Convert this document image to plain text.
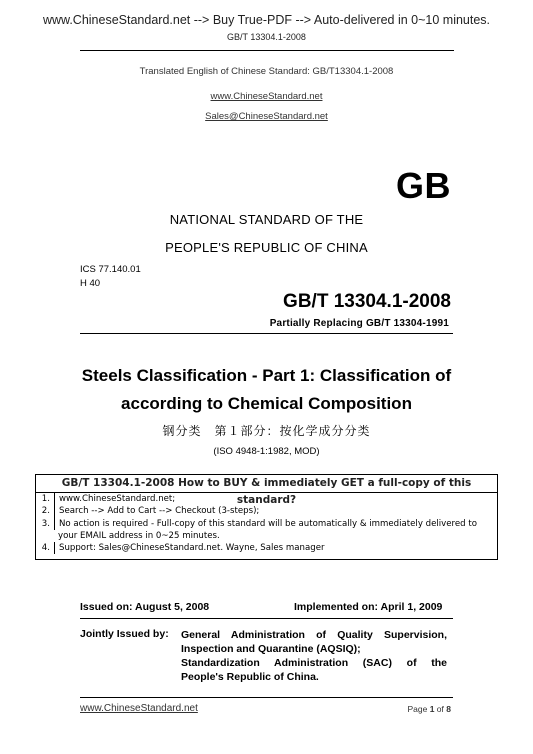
www.ChineseStandard.net --> Buy True-PDF --> Auto-delivered in 0~10 minutes.
GB/T 13304.1-2008
Translated English of Chinese Standard: GB/T13304.1-2008
www.ChineseStandard.net
Sales@ChineseStandard.net
GB
NATIONAL STANDARD OF THE
PEOPLE'S REPUBLIC OF CHINA
ICS 77.140.01
H 40
GB/T 13304.1-2008
Partially Replacing GB/T 13304-1991
Steels Classification - Part 1: Classification of
according to Chemical Composition
钢分类　第１部分：按化学成分分类
(ISO 4948-1:1982, MOD)
GB/T 13304.1-2008 How to BUY & immediately GET a full-copy of this standard?
1.	www.ChineseStandard.net;
2.	Search --> Add to Cart --> Checkout (3-steps);
3.	No action is required - Full-copy of this standard will be automatically & immediately delivered to
your EMAIL address in 0~25 minutes.
4.	Support: Sales@ChineseStandard.net. Wayne, Sales manager
Issued on: August 5, 2008	Implemented on: April 1, 2009
Jointly Issued by: General Administration of Quality Supervision,
Inspection and Quarantine (AQSIQ);
Standardization Administration (SAC) of the
People's Republic of China.
www.ChineseStandard.net	Page 1 of 8
